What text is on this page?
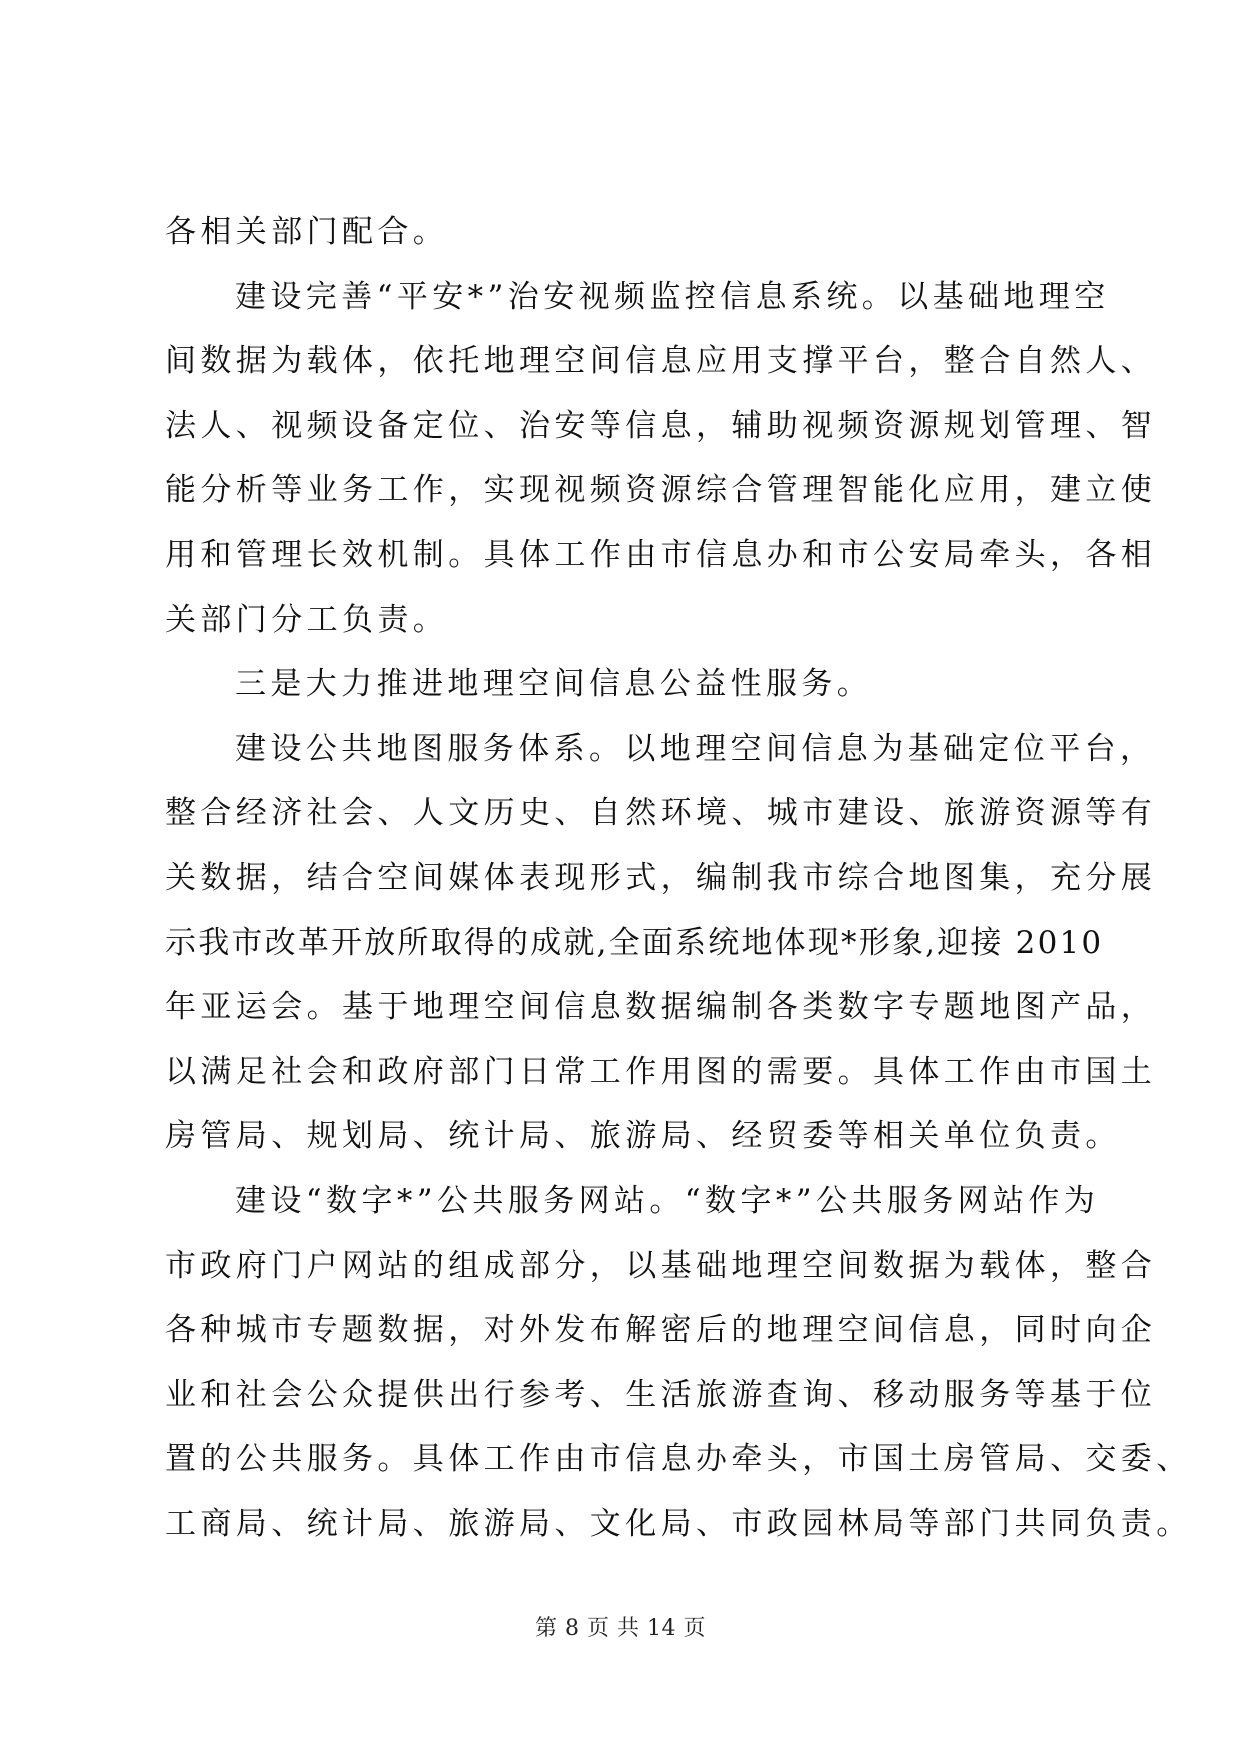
各相关部门配合。
建设完善“平安*”治安视频监控信息系统。以基础地理空
间数据为载体，依托地理空间信息应用支撑平台，整合自然人、
法人、视频设备定位、治安等信息，辅助视频资源规划管理、智
能分析等业务工作，实现视频资源综合管理智能化应用，建立使
用和管理长效机制。具体工作由市信息办和市公安局牵头，各相
关部门分工负责。
三是大力推进地理空间信息公益性服务。
建设公共地图服务体系。以地理空间信息为基础定位平台，
整合经济社会、人文历史、自然环境、城市建设、旅游资源等有
关数据，结合空间媒体表现形式，编制我市综合地图集，充分展
示我市改革开放所取得的成就,全面系统地体现*形象,迎接 2010
年亚运会。基于地理空间信息数据编制各类数字专题地图产品，
以满足社会和政府部门日常工作用图的需要。具体工作由市国土
房管局、规划局、统计局、旅游局、经贸委等相关单位负责。
建设“数字*”公共服务网站。“数字*”公共服务网站作为
市政府门户网站的组成部分，以基础地理空间数据为载体，整合
各种城市专题数据，对外发布解密后的地理空间信息，同时向企
业和社会公众提供出行参考、生活旅游查询、移动服务等基于位
置的公共服务。具体工作由市信息办牵头，市国土房管局、交委、
工商局、统计局、旅游局、文化局、市政园林局等部门共同负责。
第 8 页 共 14 页
